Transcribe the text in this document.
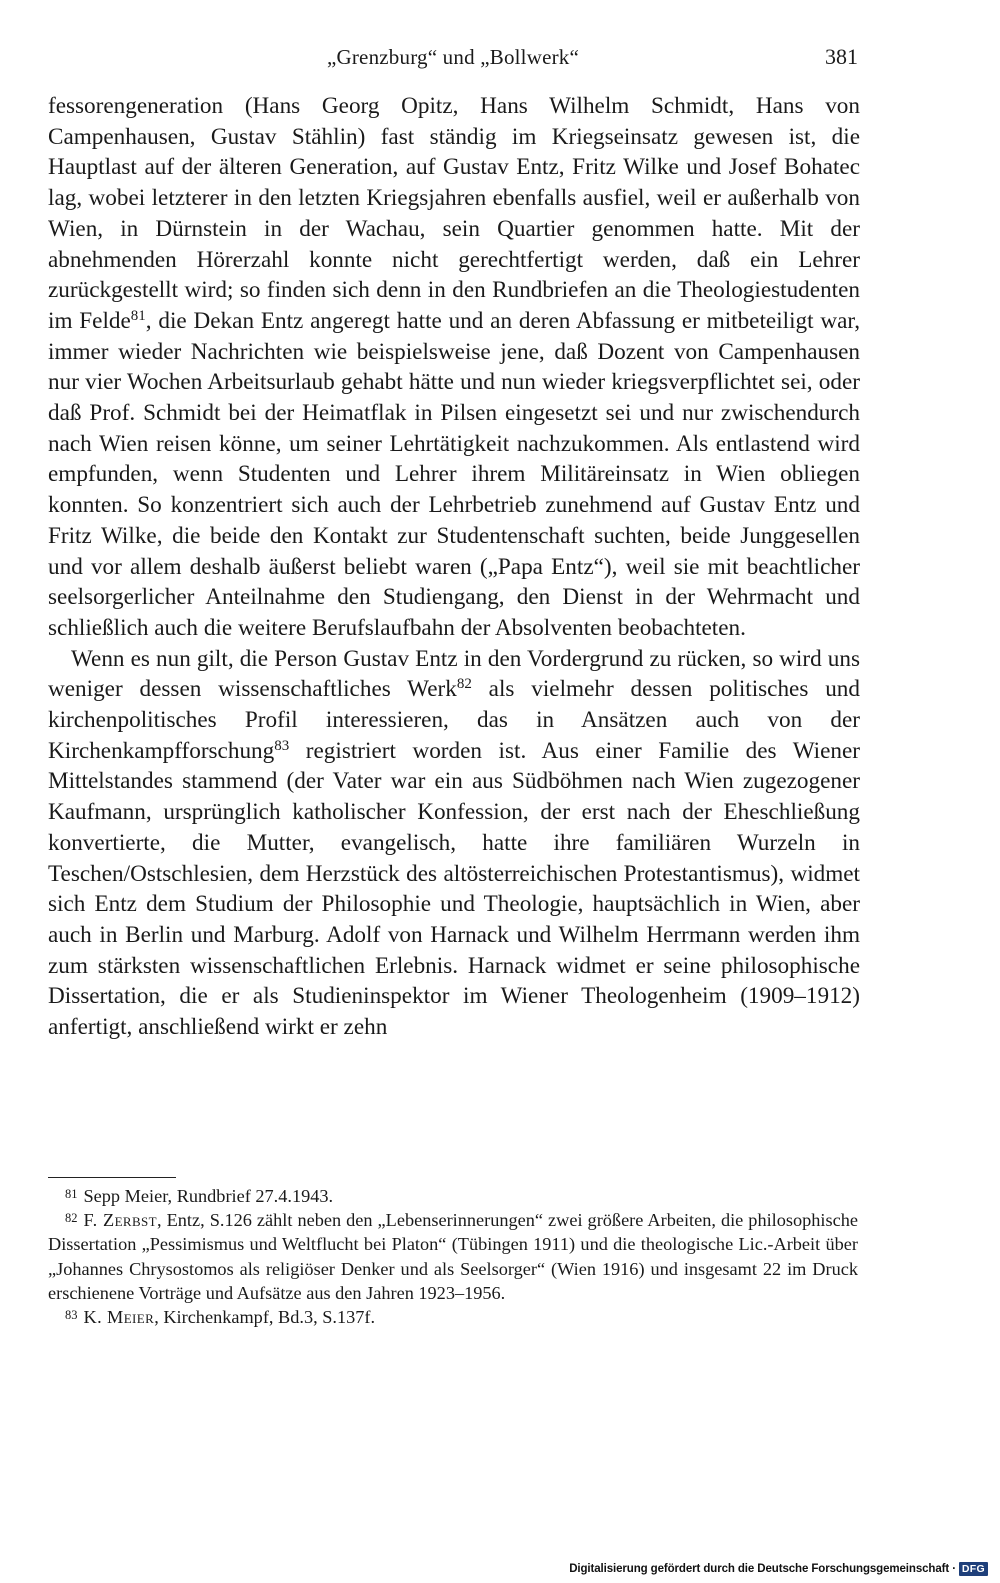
„Grenzburg“ und „Bollwerk“	381

fessorengeneration (Hans Georg Opitz, Hans Wilhelm Schmidt, Hans von Campenhausen, Gustav Stählin) fast ständig im Kriegseinsatz gewesen ist, die Hauptlast auf der älteren Generation, auf Gustav Entz, Fritz Wilke und Josef Bohatec lag, wobei letzterer in den letzten Kriegsjahren ebenfalls ausfiel, weil er außerhalb von Wien, in Dürnstein in der Wachau, sein Quartier genommen hatte. Mit der abnehmenden Hörerzahl konnte nicht gerechtfertigt werden, daß ein Lehrer zurückgestellt wird; so finden sich denn in den Rundbriefen an die Theologiestudenten im Felde$^{81}$, die Dekan Entz angeregt hatte und an deren Abfassung er mitbeteiligt war, immer wieder Nachrichten wie beispielsweise jene, daß Dozent von Campenhausen nur vier Wochen Arbeitsurlaub gehabt hätte und nun wieder kriegsverpflichtet sei, oder daß Prof. Schmidt bei der Heimatflak in Pilsen eingesetzt sei und nur zwischendurch nach Wien reisen könne, um seiner Lehrtätigkeit nachzukommen. Als entlastend wird empfunden, wenn Studenten und Lehrer ihrem Militäreinsatz in Wien obliegen konnten. So konzentriert sich auch der Lehrbetrieb zunehmend auf Gustav Entz und Fritz Wilke, die beide den Kontakt zur Studentenschaft suchten, beide Junggesellen und vor allem deshalb äußerst beliebt waren („Papa Entz“), weil sie mit beachtlicher seelsorgerlicher Anteilnahme den Studiengang, den Dienst in der Wehrmacht und schließlich auch die weitere Berufslaufbahn der Absolventen beobachteten.

Wenn es nun gilt, die Person Gustav Entz in den Vordergrund zu rücken, so wird uns weniger dessen wissenschaftliches Werk$^{82}$ als vielmehr dessen politisches und kirchenpolitisches Profil interessieren, das in Ansätzen auch von der Kirchenkampfforschung$^{83}$ registriert worden ist. Aus einer Familie des Wiener Mittelstandes stammend (der Vater war ein aus Südböhmen nach Wien zugezogener Kaufmann, ursprünglich katholischer Konfession, der erst nach der Eheschließung konvertierte, die Mutter, evangelisch, hatte ihre familiären Wurzeln in Teschen/Ostschlesien, dem Herzstück des altösterreichischen Protestantismus), widmet sich Entz dem Studium der Philosophie und Theologie, hauptsächlich in Wien, aber auch in Berlin und Marburg. Adolf von Harnack und Wilhelm Herrmann werden ihm zum stärksten wissenschaftlichen Erlebnis. Harnack widmet er seine philosophische Dissertation, die er als Studieninspektor im Wiener Theologenheim (1909–1912) anfertigt, anschließend wirkt er zehn

$^{81}$ Sepp Meier, Rundbrief 27.4.1943.

$^{82}$ F. Zerbst, Entz, S.126 zählt neben den „Lebenserinnerungen“ zwei größere Arbeiten, die philosophische Dissertation „Pessimismus und Weltflucht bei Platon“ (Tübingen 1911) und die theologische Lic.-Arbeit über „Johannes Chrysostomos als religiöser Denker und als Seelsorger“ (Wien 1916) und insgesamt 22 im Druck erschienene Vorträge und Aufsätze aus den Jahren 1923–1956.

$^{83}$ K. Meier, Kirchenkampf, Bd.3, S.137f.

Digitalisierung gefördert durch die Deutsche Forschungsgemeinschaft · DFG
